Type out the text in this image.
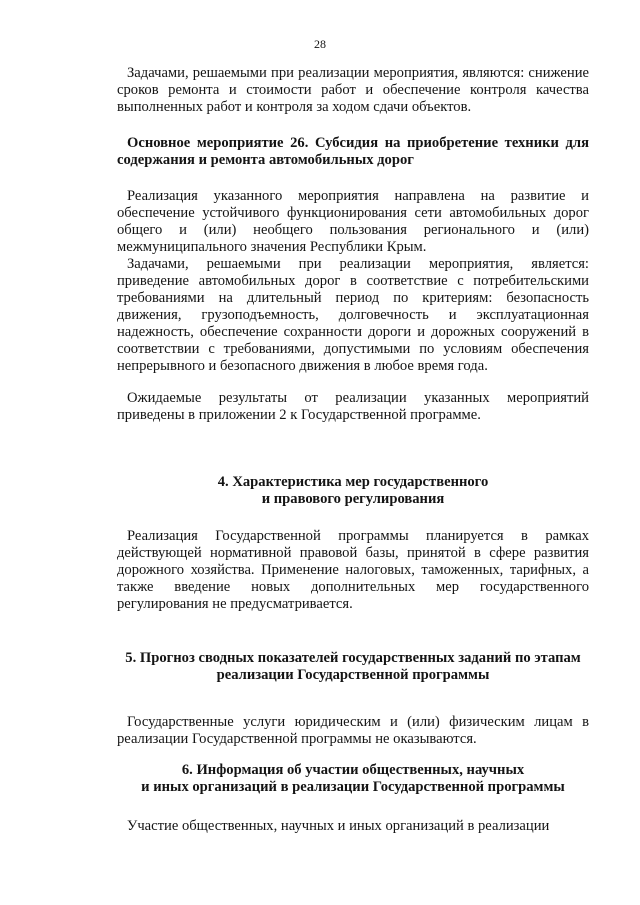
28

Задачами, решаемыми при реализации мероприятия, являются: снижение сроков ремонта и стоимости работ и обеспечение контроля качества выполненных работ и контроля за ходом сдачи объектов.

Основное мероприятие 26. Субсидия на приобретение техники для содержания и ремонта автомобильных дорог

Реализация указанного мероприятия направлена на развитие и обеспечение устойчивого функционирования сети автомобильных дорог общего и (или) необщего пользования регионального и (или) межмуниципального значения Республики Крым.

Задачами, решаемыми при реализации мероприятия, является: приведение автомобильных дорог в соответствие с потребительскими требованиями на длительный период по критериям: безопасность движения, грузоподъемность, долговечность и эксплуатационная надежность, обеспечение сохранности дороги и дорожных сооружений в соответствии с требованиями, допустимыми по условиям обеспечения непрерывного и безопасного движения в любое время года.

Ожидаемые результаты от реализации указанных мероприятий приведены в приложении 2 к Государственной программе.

4. Характеристика мер государственного
и правового регулирования

Реализация Государственной программы планируется в рамках действующей нормативной правовой базы, принятой в сфере развития дорожного хозяйства. Применение налоговых, таможенных, тарифных, а также введение новых дополнительных мер государственного регулирования не предусматривается.

5. Прогноз сводных показателей государственных заданий по этапам
реализации Государственной программы

Государственные услуги юридическим и (или) физическим лицам в реализации Государственной программы не оказываются.

6. Информация об участии общественных, научных
и иных организаций в реализации Государственной программы

Участие общественных, научных и иных организаций в реализации
